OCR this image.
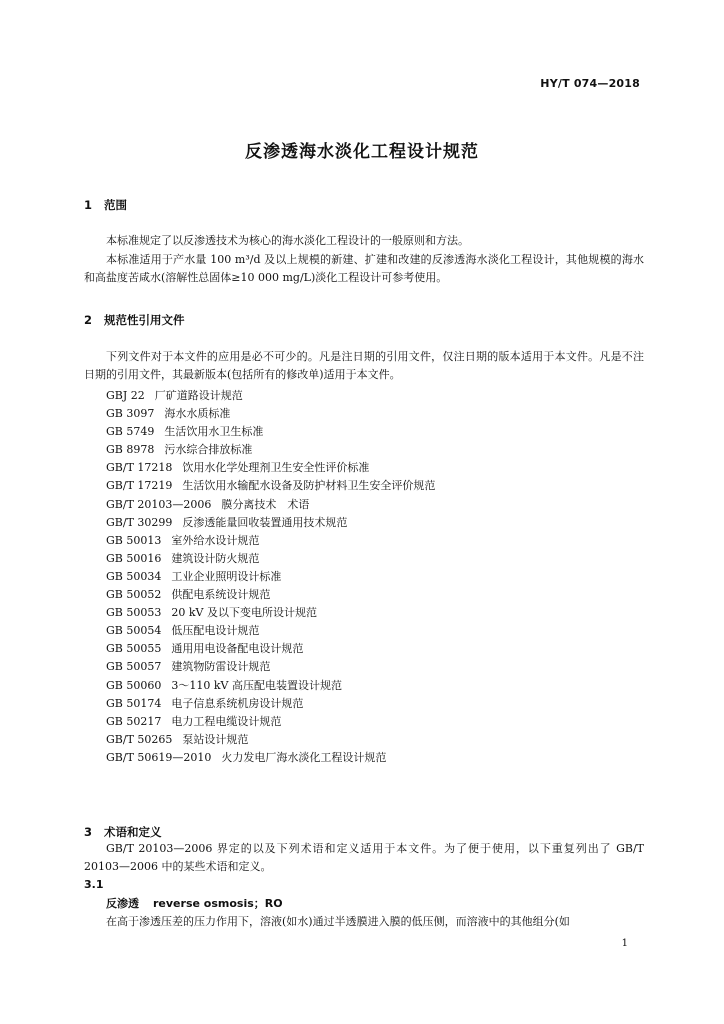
HY/T 074—2018
反渗透海水淡化工程设计规范
1 范围
本标准规定了以反渗透技术为核心的海水淡化工程设计的一般原则和方法。
本标准适用于产水量 100 m³/d 及以上规模的新建、扩建和改建的反渗透海水淡化工程设计，其他规模的海水和高盐度苦咸水(溶解性总固体≥10 000 mg/L)淡化工程设计可参考使用。
2 规范性引用文件
下列文件对于本文件的应用是必不可少的。凡是注日期的引用文件，仅注日期的版本适用于本文件。凡是不注日期的引用文件，其最新版本(包括所有的修改单)适用于本文件。
GBJ 22 厂矿道路设计规范
GB 3097 海水水质标准
GB 5749 生活饮用水卫生标准
GB 8978 污水综合排放标准
GB/T 17218 饮用水化学处理剂卫生安全性评价标准
GB/T 17219 生活饮用水输配水设备及防护材料卫生安全评价规范
GB/T 20103—2006 膜分离技术　术语
GB/T 30299 反渗透能量回收装置通用技术规范
GB 50013 室外给水设计规范
GB 50016 建筑设计防火规范
GB 50034 工业企业照明设计标准
GB 50052 供配电系统设计规范
GB 50053 20 kV 及以下变电所设计规范
GB 50054 低压配电设计规范
GB 50055 通用用电设备配电设计规范
GB 50057 建筑物防雷设计规范
GB 50060 3～110 kV 高压配电装置设计规范
GB 50174 电子信息系统机房设计规范
GB 50217 电力工程电缆设计规范
GB/T 50265 泵站设计规范
GB/T 50619—2010 火力发电厂海水淡化工程设计规范
3 术语和定义
GB/T 20103—2006 界定的以及下列术语和定义适用于本文件。为了便于使用，以下重复列出了 GB/T 20103—2006 中的某些术语和定义。
3.1
反渗透 reverse osmosis；RO
在高于渗透压差的压力作用下，溶液(如水)通过半透膜进入膜的低压侧，而溶液中的其他组分(如
1
